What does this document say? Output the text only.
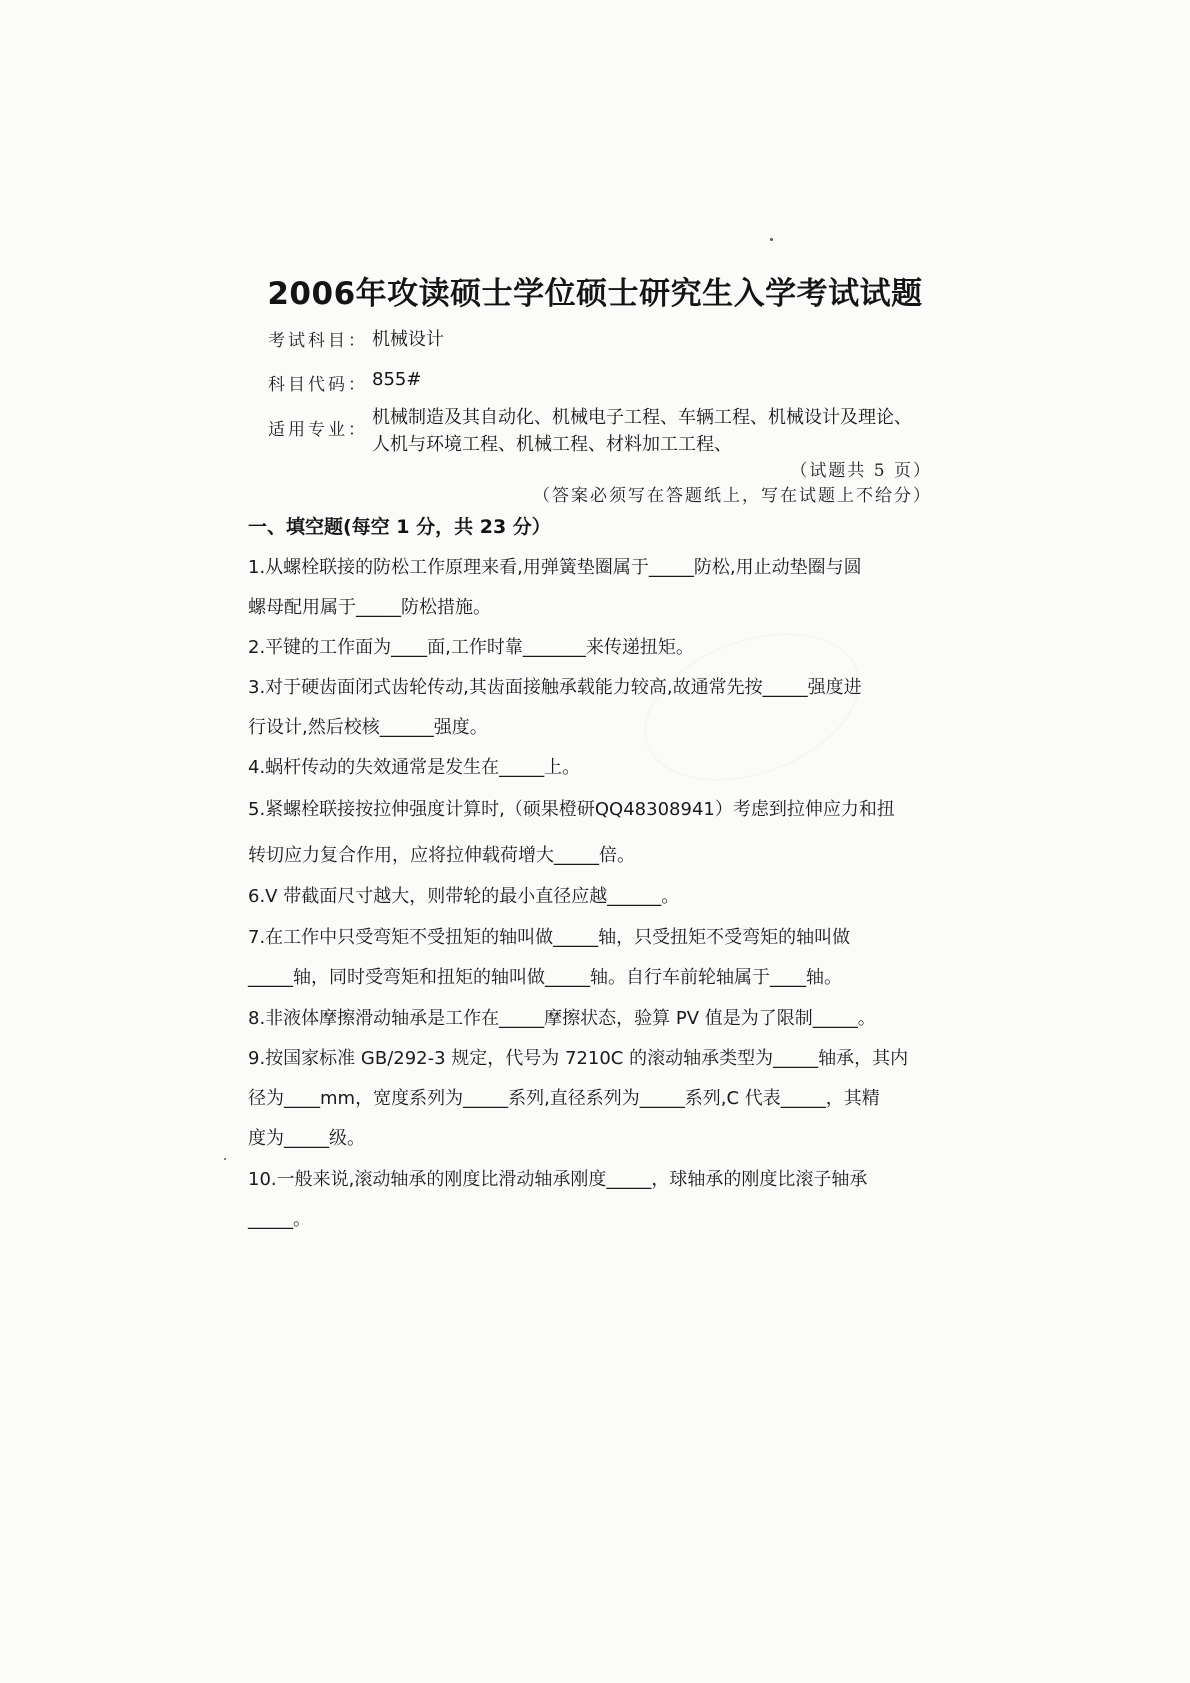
2006年攻读硕士学位硕士研究生入学考试试题
考试科目： 机械设计
科目代码： 855#
适用专业：
机械制造及其自动化、机械电子工程、车辆工程、机械设计及理论、
人机与环境工程、机械工程、材料加工工程、
（试题共 5 页）
（答案必须写在答题纸上，写在试题上不给分）
一、填空题(每空 1 分，共 23 分）
1.从螺栓联接的防松工作原理来看,用弹簧垫圈属于_____防松,用止动垫圈与圆
螺母配用属于_____防松措施。
2.平键的工作面为____面,工作时靠_______来传递扭矩。
3.对于硬齿面闭式齿轮传动,其齿面接触承载能力较高,故通常先按_____强度进
行设计,然后校核______强度。
4.蜗杆传动的失效通常是发生在_____上。
5.紧螺栓联接按拉伸强度计算时,（硕果橙研QQ48308941）考虑到拉伸应力和扭
转切应力复合作用，应将拉伸载荷增大_____倍。
6.V 带截面尺寸越大，则带轮的最小直径应越______。
7.在工作中只受弯矩不受扭矩的轴叫做_____轴，只受扭矩不受弯矩的轴叫做
_____轴，同时受弯矩和扭矩的轴叫做_____轴。自行车前轮轴属于____轴。
8.非液体摩擦滑动轴承是工作在_____摩擦状态，验算 PV 值是为了限制_____。
9.按国家标准 GB/292-3 规定，代号为 7210C 的滚动轴承类型为_____轴承，其内
径为____mm，宽度系列为_____系列,直径系列为_____系列,C 代表_____，其精
度为_____级。
10.一般来说,滚动轴承的刚度比滑动轴承刚度_____，球轴承的刚度比滚子轴承
_____。
